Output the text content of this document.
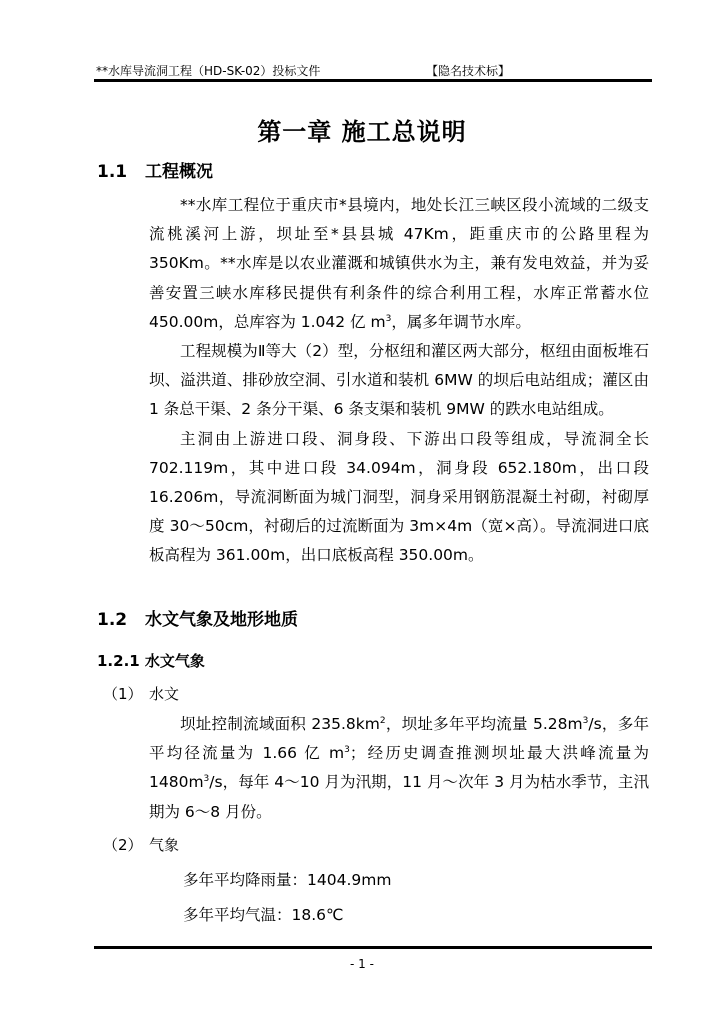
**水库导流洞工程（HD-SK-02）投标文件	【隐名技术标】
第一章 施工总说明
1.1 工程概况

**水库工程位于重庆市*县境内，地处长江三峡区段小流域的二级支流桃溪河上游，坝址至*县县城 47Km，距重庆市的公路里程为 350Km。**水库是以农业灌溉和城镇供水为主，兼有发电效益，并为妥善安置三峡水库移民提供有利条件的综合利用工程，水库正常蓄水位 450.00m，总库容为 1.042 亿 $m^3$，属多年调节水库。

工程规模为Ⅱ等大（2）型，分枢纽和灌区两大部分，枢纽由面板堆石坝、溢洪道、排砂放空洞、引水道和装机 6MW 的坝后电站组成；灌区由 1 条总干渠、2 条分干渠、6 条支渠和装机 9MW 的跌水电站组成。

主洞由上游进口段、洞身段、下游出口段等组成，导流洞全长 702.119m，其中进口段 34.094m，洞身段 652.180m，出口段 16.206m，导流洞断面为城门洞型，洞身采用钢筋混凝土衬砌，衬砌厚度 30～50cm，衬砌后的过流断面为 3m×4m（宽×高）。导流洞进口底板高程为 361.00m，出口底板高程 350.00m。

1.2 水文气象及地形地质
1.2.1 水文气象
（1） 水文

坝址控制流域面积 $235.8km^2$，坝址多年平均流量 $5.28m^3/s$，多年平均径流量为 1.66 亿 $m^3$；经历史调查推测坝址最大洪峰流量为 $1480m^3/s$，每年 4～10 月为汛期，11 月～次年 3 月为枯水季节，主汛期为 6～8 月份。

（2） 气象
多年平均降雨量：1404.9mm
多年平均气温：18.6℃
- 1 -
